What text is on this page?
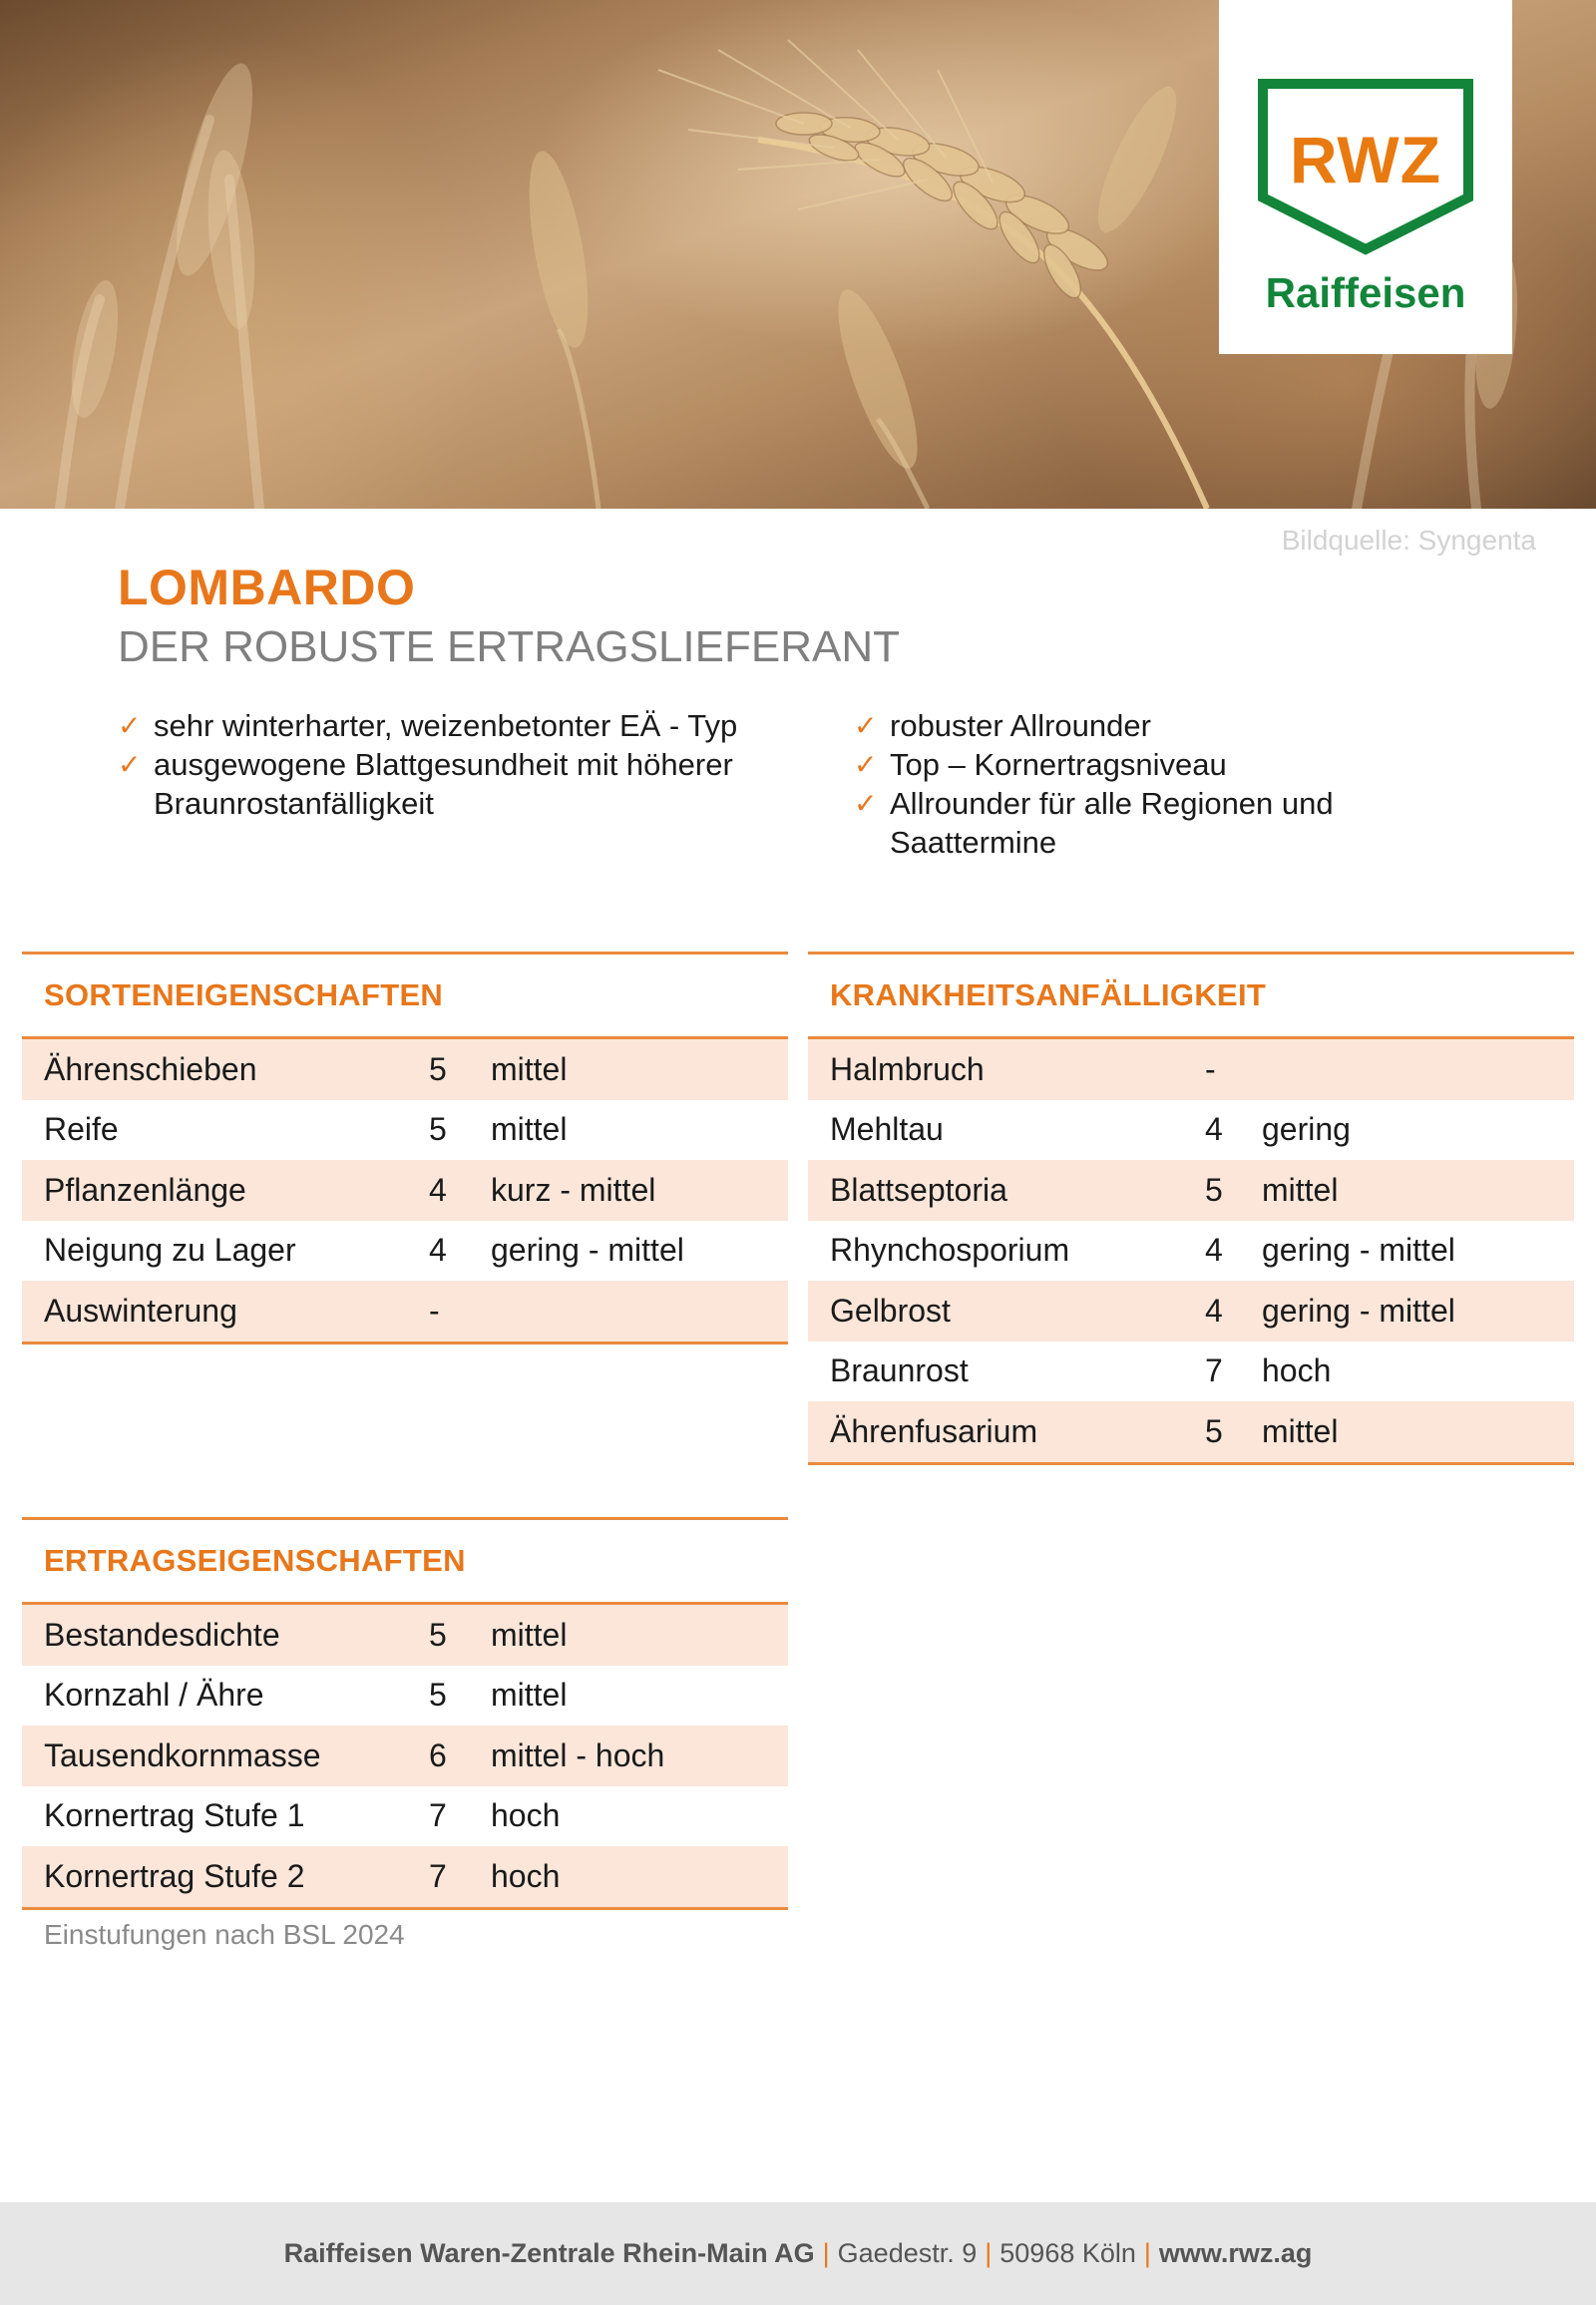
RWZ
Raiffeisen
Bildquelle: Syngenta
LOMBARDO
DER ROBUSTE ERTRAGSLIEFERANT
✓ sehr winterharter, weizenbetonter EÄ - Typ
✓ ausgewogene Blattgesundheit mit höherer Braunrostanfälligkeit
✓ robuster Allrounder
✓ Top – Kornertragsniveau
✓ Allrounder für alle Regionen und Saattermine
SORTENEIGENSCHAFTEN
Ährenschieben	5	mittel
Reife	5	mittel
Pflanzenlänge	4	kurz - mittel
Neigung zu Lager	4	gering - mittel
Auswinterung	-
KRANKHEITSANFÄLLIGKEIT
Halmbruch	-
Mehltau	4	gering
Blattseptoria	5	mittel
Rhynchosporium	4	gering - mittel
Gelbrost	4	gering - mittel
Braunrost	7	hoch
Ährenfusarium	5	mittel
ERTRAGSEIGENSCHAFTEN
Bestandesdichte	5	mittel
Kornzahl / Ähre	5	mittel
Tausendkornmasse	6	mittel - hoch
Kornertrag Stufe 1	7	hoch
Kornertrag Stufe 2	7	hoch
Einstufungen nach BSL 2024
Raiffeisen Waren-Zentrale Rhein-Main AG | Gaedestr. 9 | 50968 Köln | www.rwz.ag
